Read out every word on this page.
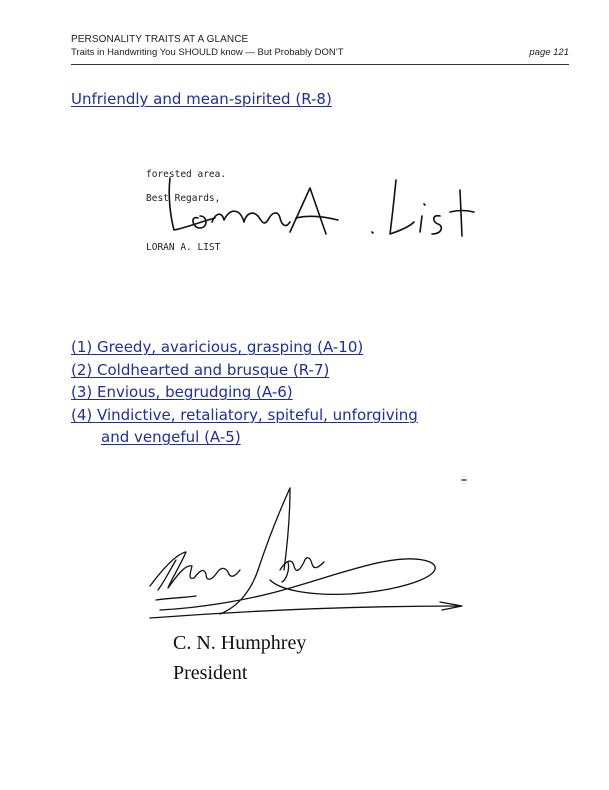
PERSONALITY TRAITS AT A GLANCE
Traits in Handwriting You SHOULD know — But Probably DON’T	page 121
Unfriendly and mean-spirited (R-8)
forested area.
Best Regards,
LORAN A. LIST
(1) Greedy, avaricious, grasping (A-10)
(2) Coldhearted and brusque (R-7)
(3) Envious, begrudging (A-6)
(4) Vindictive, retaliatory, spiteful, unforgiving
and vengeful (A-5)
C. N. Humphrey
President
